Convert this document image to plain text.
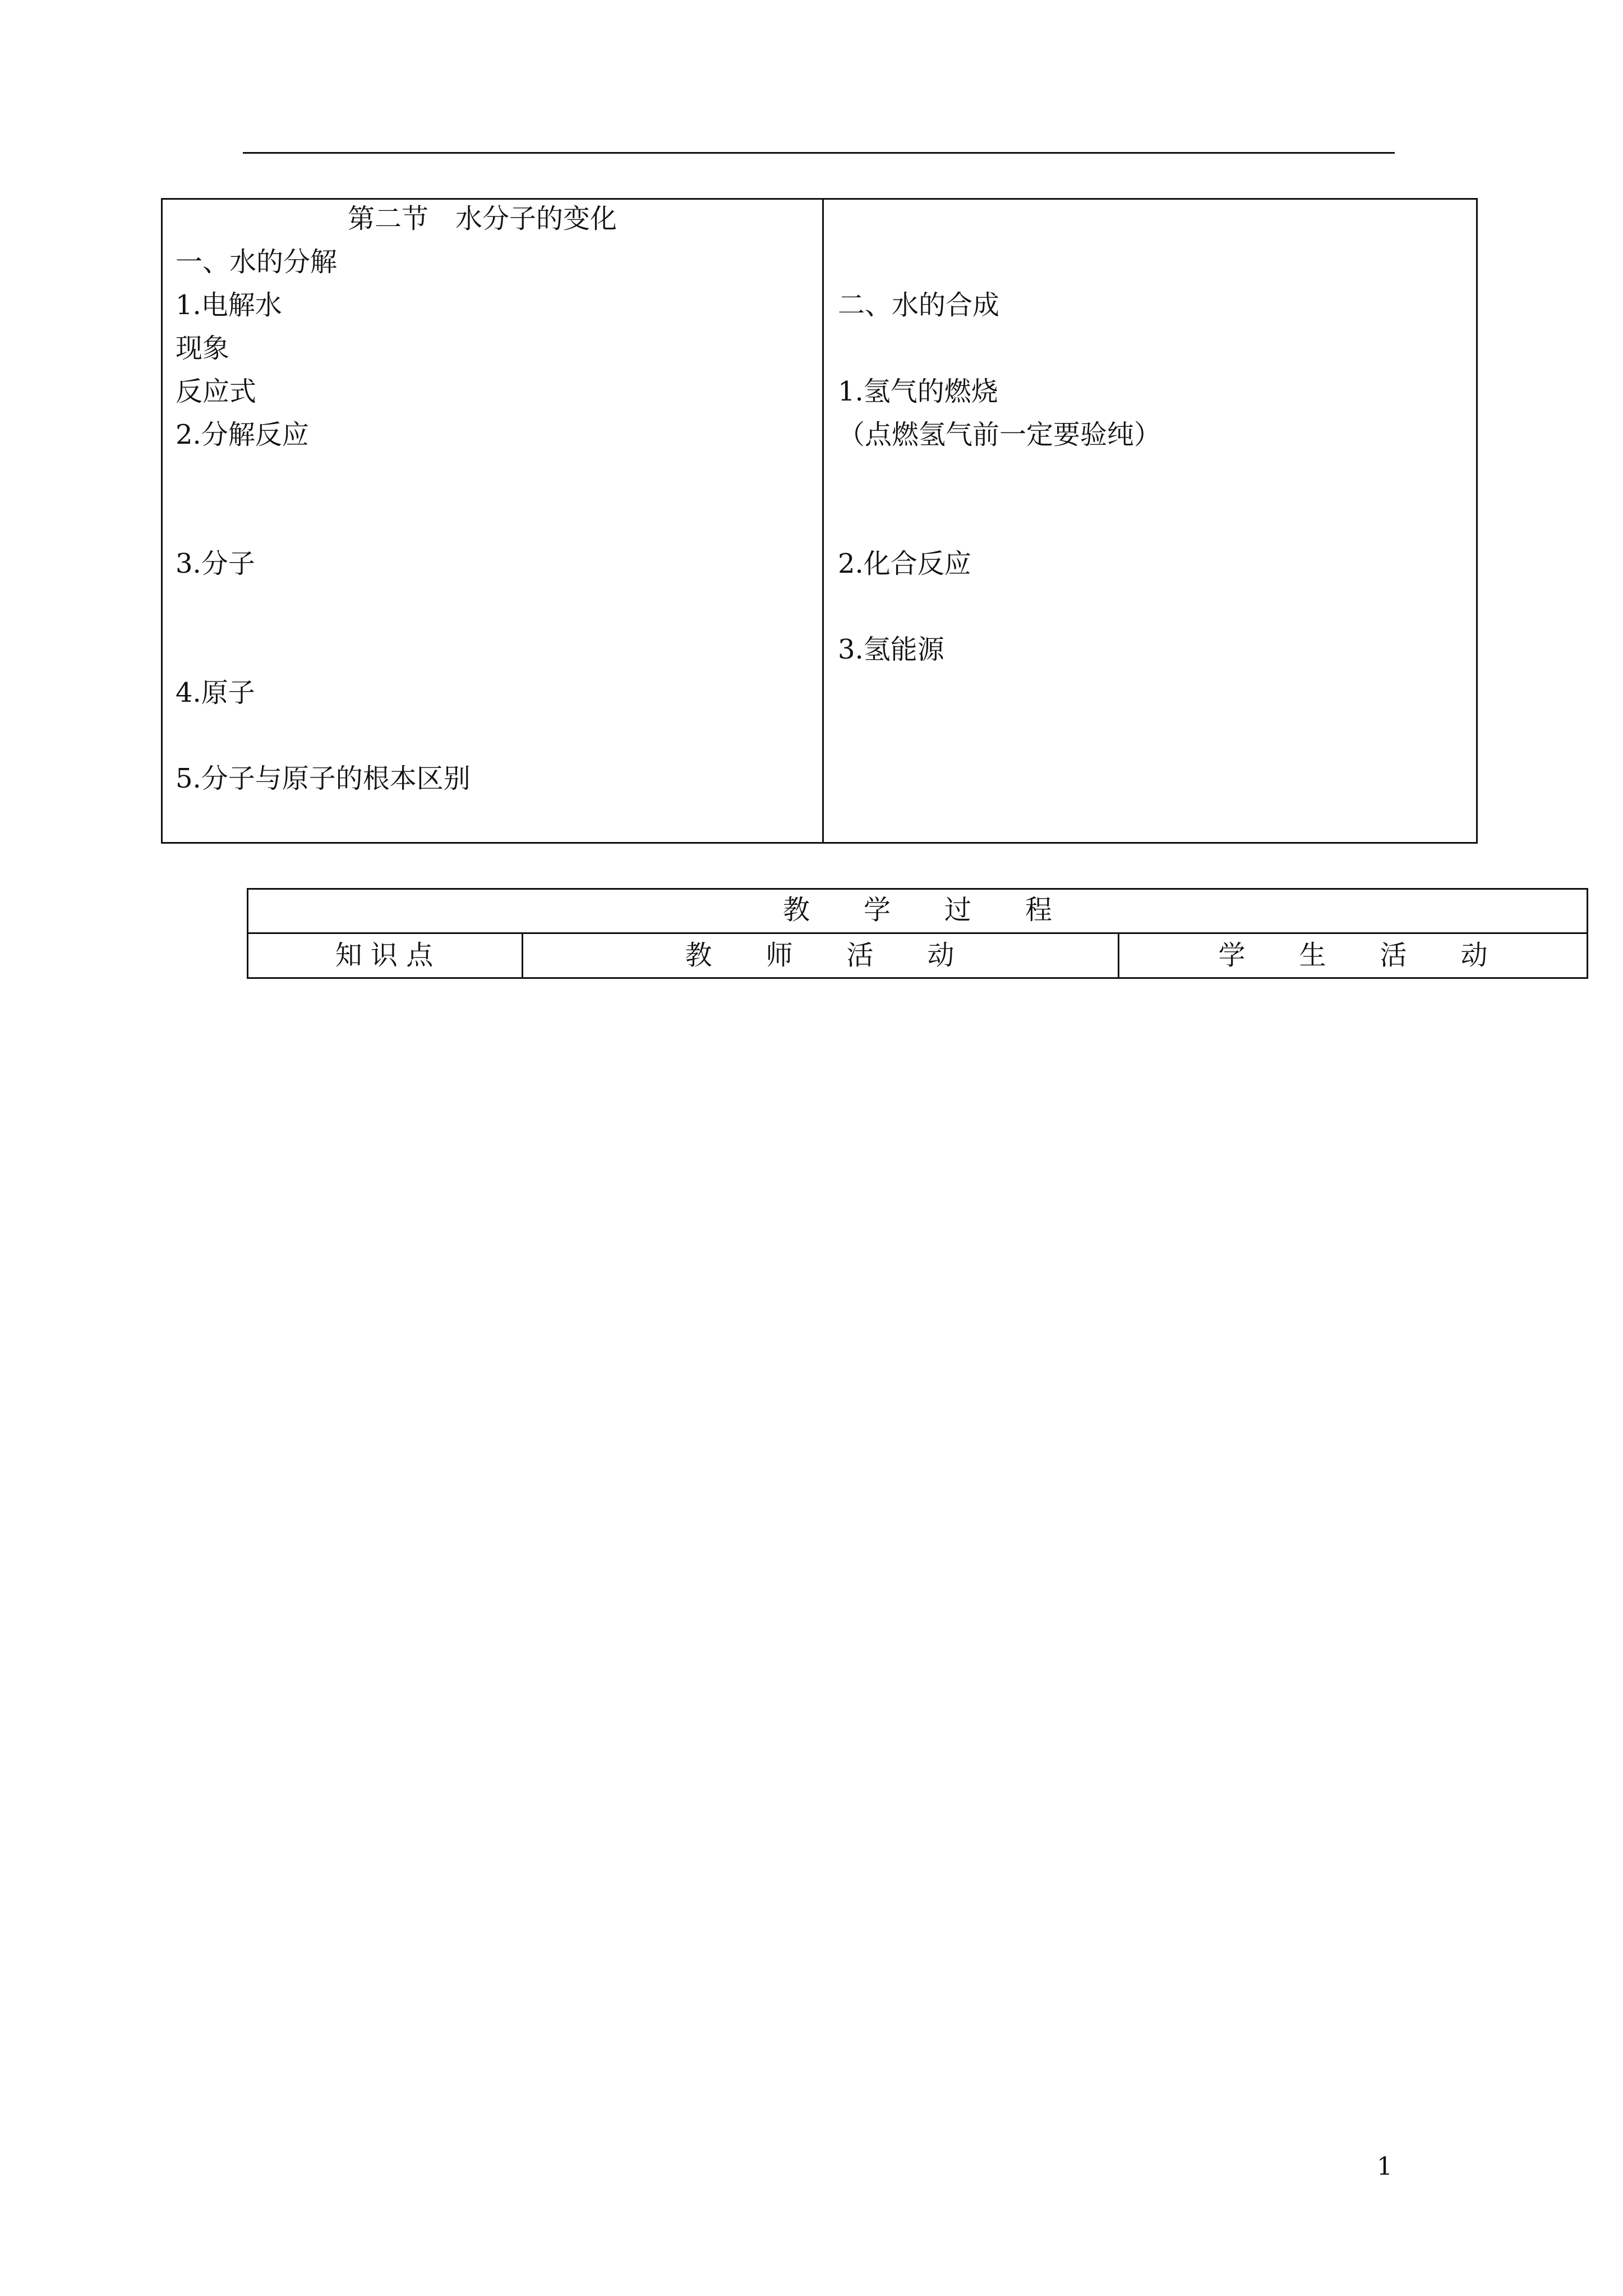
第二节　水分子的变化
一、水的分解
1.电解水
现象
反应式
2.分解反应
3.分子
4.原子
5.分子与原子的根本区别
二、水的合成
1.氢气的燃烧
（点燃氢气前一定要验纯）
2.化合反应
3.氢能源
教　　学　　过　　程
知 识 点	教　　师　　活　　动	学　　生　　活　　动
1
